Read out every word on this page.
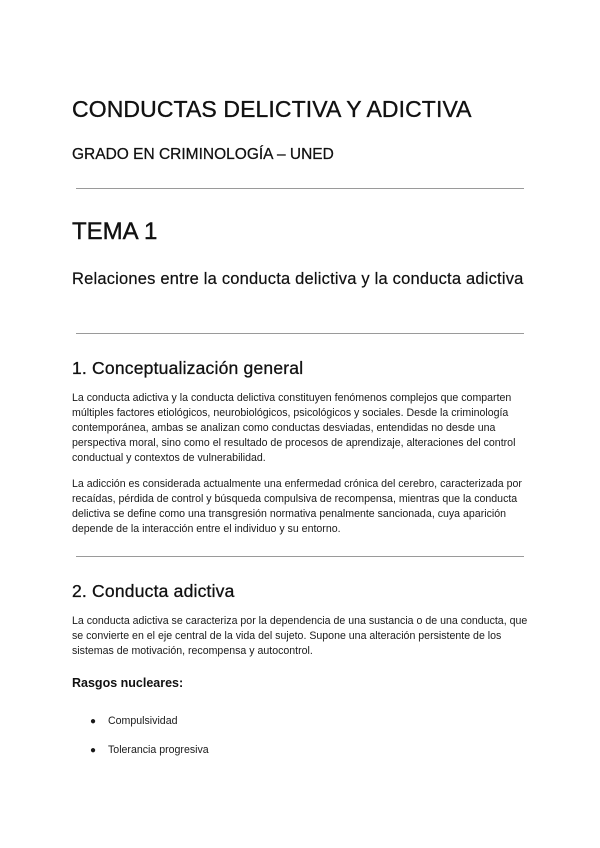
CONDUCTAS DELICTIVA Y ADICTIVA
GRADO EN CRIMINOLOGÍA – UNED
TEMA 1
Relaciones entre la conducta delictiva y la conducta adictiva
1. Conceptualización general

La conducta adictiva y la conducta delictiva constituyen fenómenos complejos que comparten múltiples factores etiológicos, neurobiológicos, psicológicos y sociales. Desde la criminología contemporánea, ambas se analizan como conductas desviadas, entendidas no desde una perspectiva moral, sino como el resultado de procesos de aprendizaje, alteraciones del control conductual y contextos de vulnerabilidad.

La adicción es considerada actualmente una enfermedad crónica del cerebro, caracterizada por recaídas, pérdida de control y búsqueda compulsiva de recompensa, mientras que la conducta delictiva se define como una transgresión normativa penalmente sancionada, cuya aparición depende de la interacción entre el individuo y su entorno.

2. Conducta adictiva

La conducta adictiva se caracteriza por la dependencia de una sustancia o de una conducta, que se convierte en el eje central de la vida del sujeto. Supone una alteración persistente de los sistemas de motivación, recompensa y autocontrol.

Rasgos nucleares:

●	Compulsividad
●	Tolerancia progresiva
